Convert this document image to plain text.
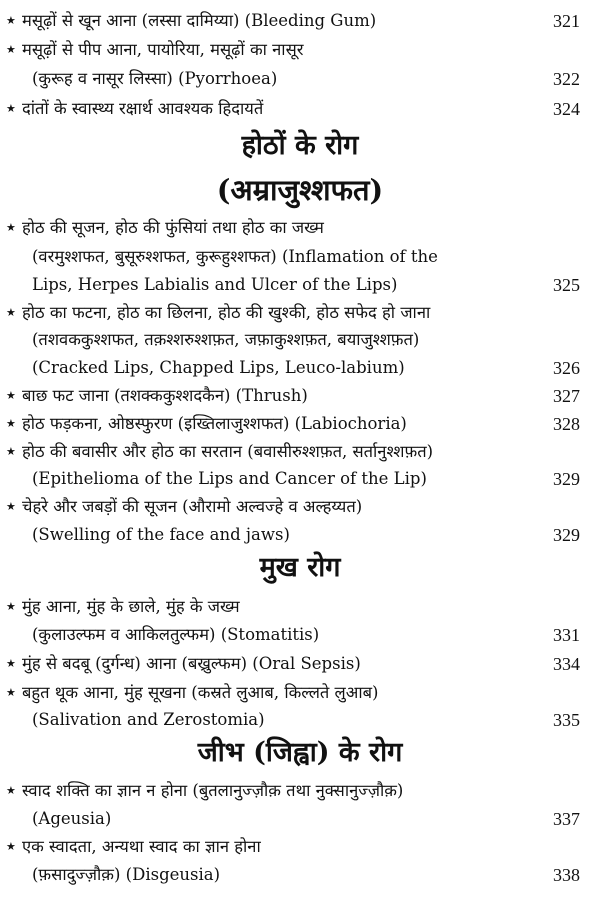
★ मसूढ़ों से खून आना (लस्सा दामिय्या) (Bleeding Gum)	321
★ मसूढ़ों से पीप आना, पायोरिया, मसूढ़ों का नासूर
(कुरूह व नासूर लिस्सा) (Pyorrhoea)	322
★ दांतों के स्वास्थ्य रक्षार्थ आवश्यक हिदायतें	324
होठों के रोग
(अम्राजुश्शफत)
★ होठ की सूजन, होठ की फुंसियां तथा होठ का जख्म
(वरमुश्शफत, बुसूरुश्शफत, कुरूहुश्शफत) (Inflamation of the
Lips, Herpes Labialis and Ulcer of the Lips)	325
★ होठ का फटना, होठ का छिलना, होठ की खुश्की, होठ सफेद हो जाना
(तशवककुश्शफत, तक़श्शरुश्शफ़त, जफ़ाकुश्शफ़त, बयाजुश्शफ़त)
(Cracked Lips, Chapped Lips, Leuco-labium)	326
★ बाछ फट जाना (तशक्ककुश्शदकैन) (Thrush)	327
★ होठ फड़कना, ओष्ठस्फुरण (इख्तिलाजुश्शफत) (Labiochoria)	328
★ होठ की बवासीर और होठ का सरतान (बवासीरुश्शफ़त, सर्तानुश्शफ़त)
(Epithelioma of the Lips and Cancer of the Lip)	329
★ चेहरे और जबड़ों की सूजन (औरामो अल्वज्हे व अल्हय्यत)
(Swelling of the face and jaws)	329
मुख रोग
★ मुंह आना, मुंह के छाले, मुंह के जख्म
(कुलाउल्फम व आकिलतुल्फम) (Stomatitis)	331
★ मुंह से बदबू (दुर्गन्ध) आना (बख्रुल्फम) (Oral Sepsis)	334
★ बहुत थूक आना, मुंह सूखना (कस्रते लुआब, किल्लते लुआब)
(Salivation and Zerostomia)	335
जीभ (जिह्वा) के रोग
★ स्वाद शक्ति का ज्ञान न होना (बुतलानुज्ज़ौक़ तथा नुक्सानुज्ज़ौक़)
(Ageusia)	337
★ एक स्वादता, अन्यथा स्वाद का ज्ञान होना
(फ़सादुज्ज़ौक़) (Disgeusia)	338
